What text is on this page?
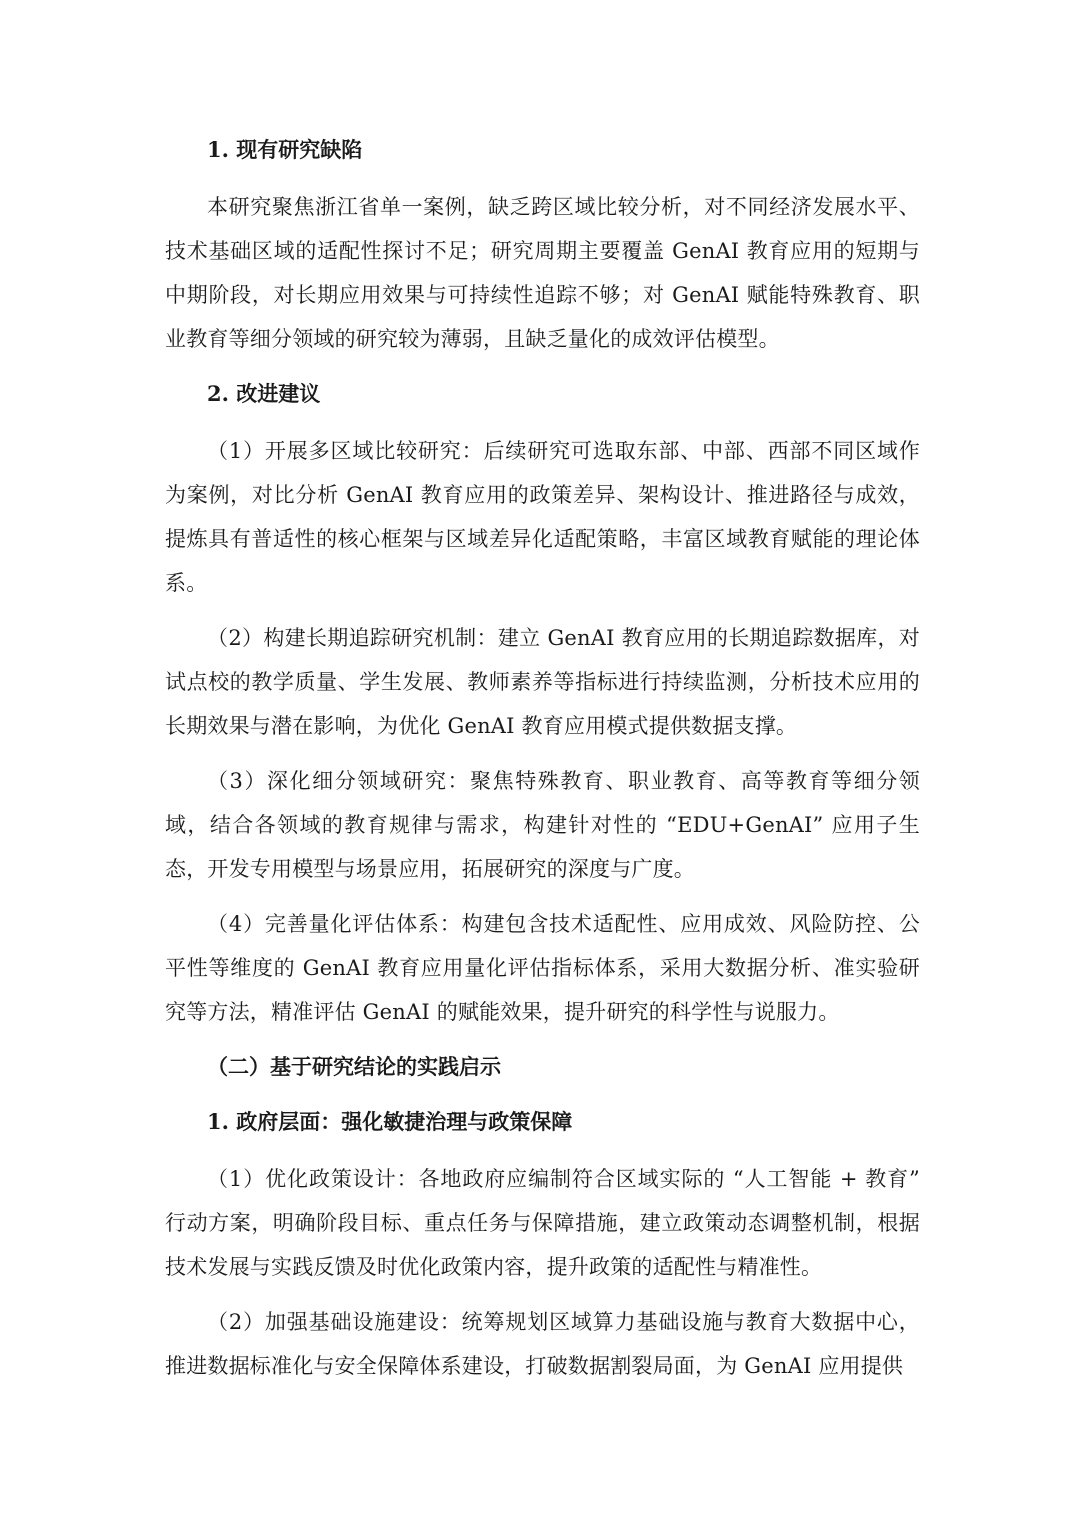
1. 现有研究缺陷

本研究聚焦浙江省单一案例，缺乏跨区域比较分析，对不同经济发展水平、技术基础区域的适配性探讨不足；研究周期主要覆盖 GenAI 教育应用的短期与中期阶段，对长期应用效果与可持续性追踪不够；对 GenAI 赋能特殊教育、职业教育等细分领域的研究较为薄弱，且缺乏量化的成效评估模型。

2. 改进建议

（1）开展多区域比较研究：后续研究可选取东部、中部、西部不同区域作为案例，对比分析 GenAI 教育应用的政策差异、架构设计、推进路径与成效，提炼具有普适性的核心框架与区域差异化适配策略，丰富区域教育赋能的理论体系。

（2）构建长期追踪研究机制：建立 GenAI 教育应用的长期追踪数据库，对试点校的教学质量、学生发展、教师素养等指标进行持续监测，分析技术应用的长期效果与潜在影响，为优化 GenAI 教育应用模式提供数据支撑。

（3）深化细分领域研究：聚焦特殊教育、职业教育、高等教育等细分领域，结合各领域的教育规律与需求，构建针对性的 “EDU+GenAI” 应用子生态，开发专用模型与场景应用，拓展研究的深度与广度。

（4）完善量化评估体系：构建包含技术适配性、应用成效、风险防控、公平性等维度的 GenAI 教育应用量化评估指标体系，采用大数据分析、准实验研究等方法，精准评估 GenAI 的赋能效果，提升研究的科学性与说服力。

（二）基于研究结论的实践启示

1. 政府层面：强化敏捷治理与政策保障

（1）优化政策设计：各地政府应编制符合区域实际的 “人工智能 + 教育” 行动方案，明确阶段目标、重点任务与保障措施，建立政策动态调整机制，根据技术发展与实践反馈及时优化政策内容，提升政策的适配性与精准性。

（2）加强基础设施建设：统筹规划区域算力基础设施与教育大数据中心，推进数据标准化与安全保障体系建设，打破数据割裂局面，为 GenAI 应用提供
